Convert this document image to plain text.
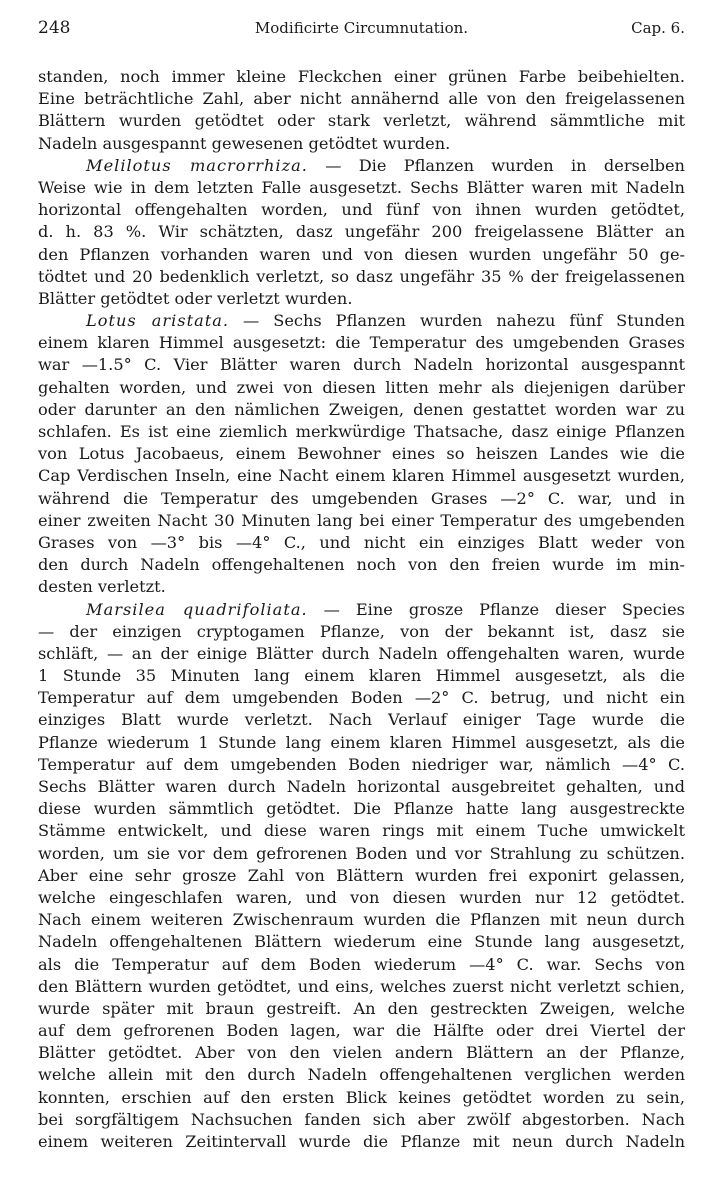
248	Modificirte Circumnutation.	Cap. 6.
standen, noch immer kleine Fleckchen einer grünen Farbe beibehielten.
Eine beträchtliche Zahl, aber nicht annähernd alle von den freigelassenen
Blättern wurden getödtet oder stark verletzt, während sämmtliche mit
Nadeln ausgespannt gewesenen getödtet wurden.
Melilotus macrorrhiza. — Die Pflanzen wurden in derselben
Weise wie in dem letzten Falle ausgesetzt. Sechs Blätter waren mit Nadeln
horizontal offengehalten worden, und fünf von ihnen wurden getödtet,
d. h. 83 %. Wir schätzten, dasz ungefähr 200 freigelassene Blätter an
den Pflanzen vorhanden waren und von diesen wurden ungefähr 50 ge-
tödtet und 20 bedenklich verletzt, so dasz ungefähr 35 % der freigelassenen
Blätter getödtet oder verletzt wurden.
Lotus aristata. — Sechs Pflanzen wurden nahezu fünf Stunden
einem klaren Himmel ausgesetzt: die Temperatur des umgebenden Grases
war —1.5° C. Vier Blätter waren durch Nadeln horizontal ausgespannt
gehalten worden, und zwei von diesen litten mehr als diejenigen darüber
oder darunter an den nämlichen Zweigen, denen gestattet worden war zu
schlafen. Es ist eine ziemlich merkwürdige Thatsache, dasz einige Pflanzen
von Lotus Jacobaeus, einem Bewohner eines so heiszen Landes wie die
Cap Verdischen Inseln, eine Nacht einem klaren Himmel ausgesetzt wurden,
während die Temperatur des umgebenden Grases —2° C. war, und in
einer zweiten Nacht 30 Minuten lang bei einer Temperatur des umgebenden
Grases von —3° bis —4° C., und nicht ein einziges Blatt weder von
den durch Nadeln offengehaltenen noch von den freien wurde im min-
desten verletzt.
Marsilea quadrifoliata. — Eine grosze Pflanze dieser Species
— der einzigen cryptogamen Pflanze, von der bekannt ist, dasz sie
schläft, — an der einige Blätter durch Nadeln offengehalten waren, wurde
1 Stunde 35 Minuten lang einem klaren Himmel ausgesetzt, als die
Temperatur auf dem umgebenden Boden —2° C. betrug, und nicht ein
einziges Blatt wurde verletzt. Nach Verlauf einiger Tage wurde die
Pflanze wiederum 1 Stunde lang einem klaren Himmel ausgesetzt, als die
Temperatur auf dem umgebenden Boden niedriger war, nämlich —4° C.
Sechs Blätter waren durch Nadeln horizontal ausgebreitet gehalten, und
diese wurden sämmtlich getödtet. Die Pflanze hatte lang ausgestreckte
Stämme entwickelt, und diese waren rings mit einem Tuche umwickelt
worden, um sie vor dem gefrorenen Boden und vor Strahlung zu schützen.
Aber eine sehr grosze Zahl von Blättern wurden frei exponirt gelassen,
welche eingeschlafen waren, und von diesen wurden nur 12 getödtet.
Nach einem weiteren Zwischenraum wurden die Pflanzen mit neun durch
Nadeln offengehaltenen Blättern wiederum eine Stunde lang ausgesetzt,
als die Temperatur auf dem Boden wiederum —4° C. war. Sechs von
den Blättern wurden getödtet, und eins, welches zuerst nicht verletzt schien,
wurde später mit braun gestreift. An den gestreckten Zweigen, welche
auf dem gefrorenen Boden lagen, war die Hälfte oder drei Viertel der
Blätter getödtet. Aber von den vielen andern Blättern an der Pflanze,
welche allein mit den durch Nadeln offengehaltenen verglichen werden
konnten, erschien auf den ersten Blick keines getödtet worden zu sein,
bei sorgfältigem Nachsuchen fanden sich aber zwölf abgestorben. Nach
einem weiteren Zeitintervall wurde die Pflanze mit neun durch Nadeln
